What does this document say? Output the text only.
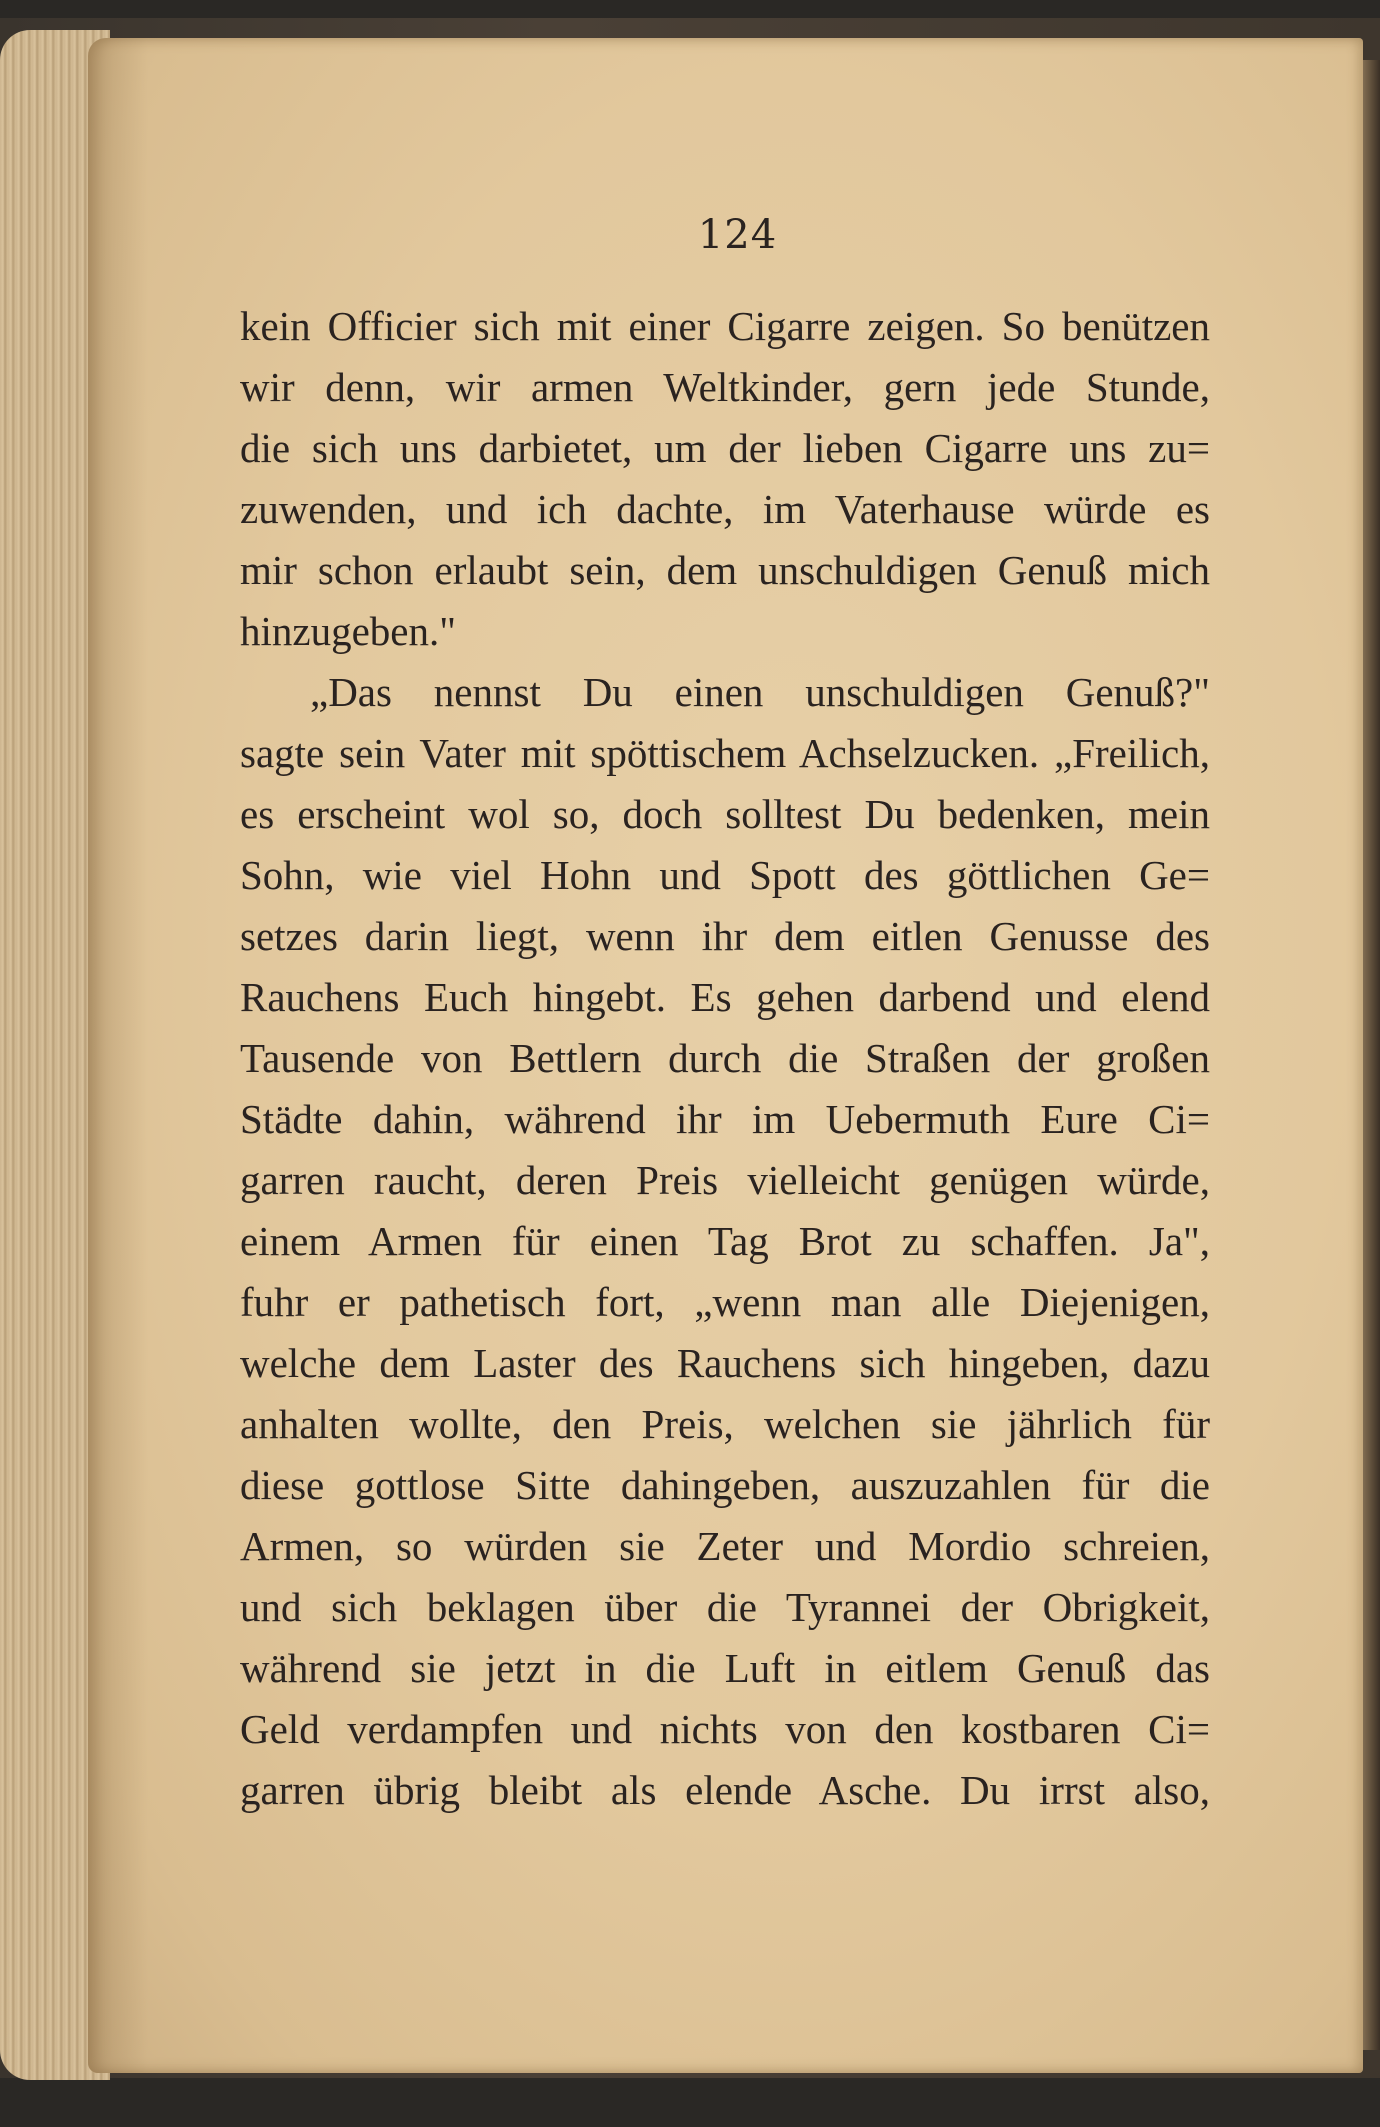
124
kein Officier sich mit einer Cigarre zeigen. So benützen
wir denn, wir armen Weltkinder, gern jede Stunde,
die sich uns darbietet, um der lieben Cigarre uns zu=
zuwenden, und ich dachte, im Vaterhause würde es
mir schon erlaubt sein, dem unschuldigen Genuß mich
hinzugeben."
„Das nennst Du einen unschuldigen Genuß?"
sagte sein Vater mit spöttischem Achselzucken. „Freilich,
es erscheint wol so, doch solltest Du bedenken, mein
Sohn, wie viel Hohn und Spott des göttlichen Ge=
setzes darin liegt, wenn ihr dem eitlen Genusse des
Rauchens Euch hingebt. Es gehen darbend und elend
Tausende von Bettlern durch die Straßen der großen
Städte dahin, während ihr im Uebermuth Eure Ci=
garren raucht, deren Preis vielleicht genügen würde,
einem Armen für einen Tag Brot zu schaffen. Ja",
fuhr er pathetisch fort, „wenn man alle Diejenigen,
welche dem Laster des Rauchens sich hingeben, dazu
anhalten wollte, den Preis, welchen sie jährlich für
diese gottlose Sitte dahingeben, auszuzahlen für die
Armen, so würden sie Zeter und Mordio schreien,
und sich beklagen über die Tyrannei der Obrigkeit,
während sie jetzt in die Luft in eitlem Genuß das
Geld verdampfen und nichts von den kostbaren Ci=
garren übrig bleibt als elende Asche. Du irrst also,
